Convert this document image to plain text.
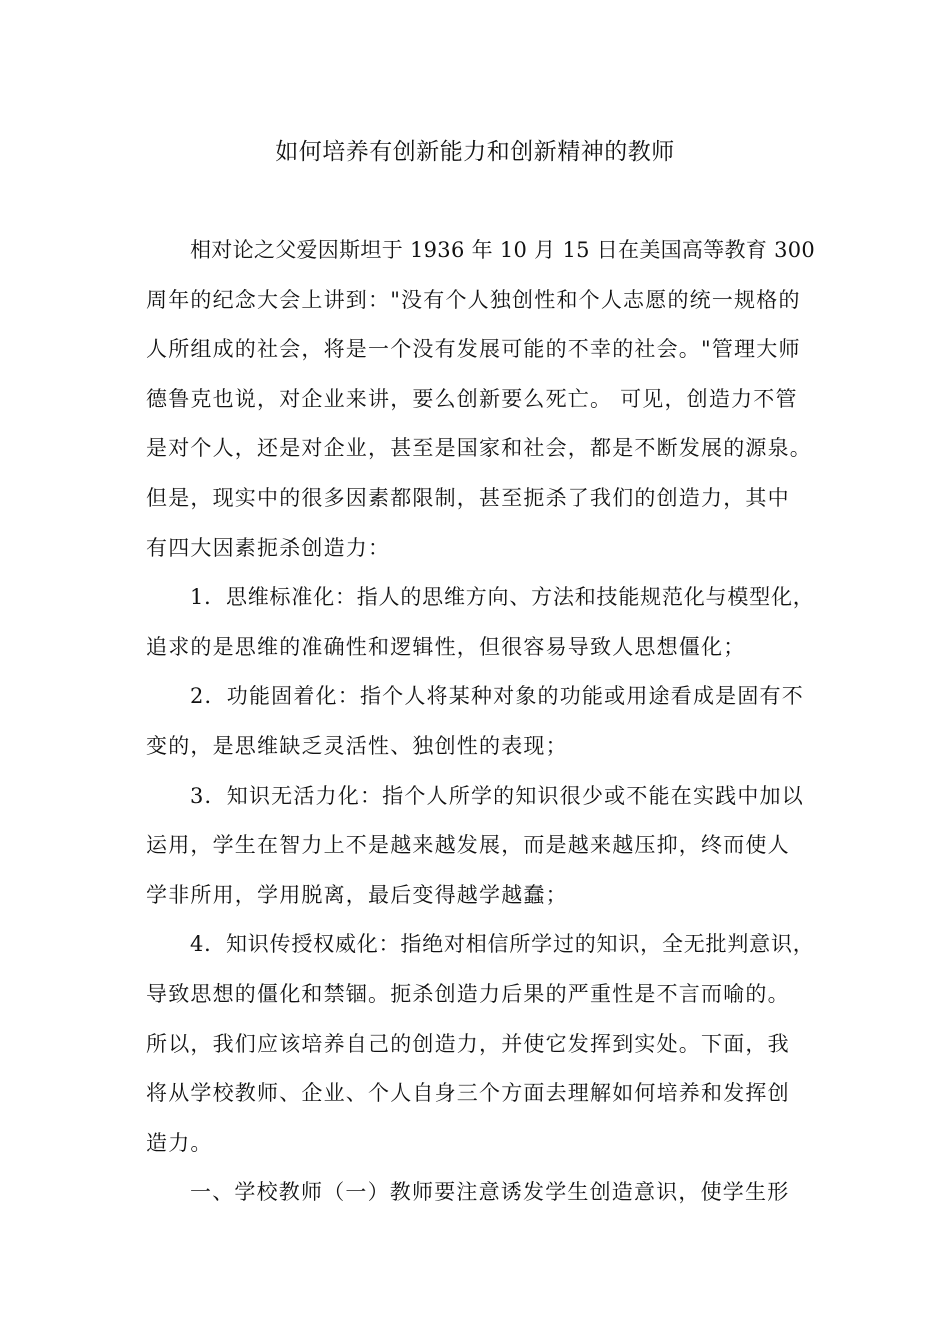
如何培养有创新能力和创新精神的教师
相对论之父爱因斯坦于 1936 年 10 月 15 日在美国高等教育 300
周年的纪念大会上讲到："没有个人独创性和个人志愿的统一规格的
人所组成的社会，将是一个没有发展可能的不幸的社会。"管理大师
德鲁克也说，对企业来讲，要么创新要么死亡。 可见，创造力不管
是对个人，还是对企业，甚至是国家和社会，都是不断发展的源泉。
但是，现实中的很多因素都限制，甚至扼杀了我们的创造力，其中
有四大因素扼杀创造力：
1．思维标准化：指人的思维方向、方法和技能规范化与模型化，
追求的是思维的准确性和逻辑性，但很容易导致人思想僵化；
2．功能固着化：指个人将某种对象的功能或用途看成是固有不
变的，是思维缺乏灵活性、独创性的表现；
3．知识无活力化：指个人所学的知识很少或不能在实践中加以
运用，学生在智力上不是越来越发展，而是越来越压抑，终而使人
学非所用，学用脱离，最后变得越学越蠢；
4．知识传授权威化：指绝对相信所学过的知识，全无批判意识，
导致思想的僵化和禁锢。扼杀创造力后果的严重性是不言而喻的。
所以，我们应该培养自己的创造力，并使它发挥到实处。下面，我
将从学校教师、企业、个人自身三个方面去理解如何培养和发挥创
造力。
一、学校教师（一）教师要注意诱发学生创造意识，使学生形
